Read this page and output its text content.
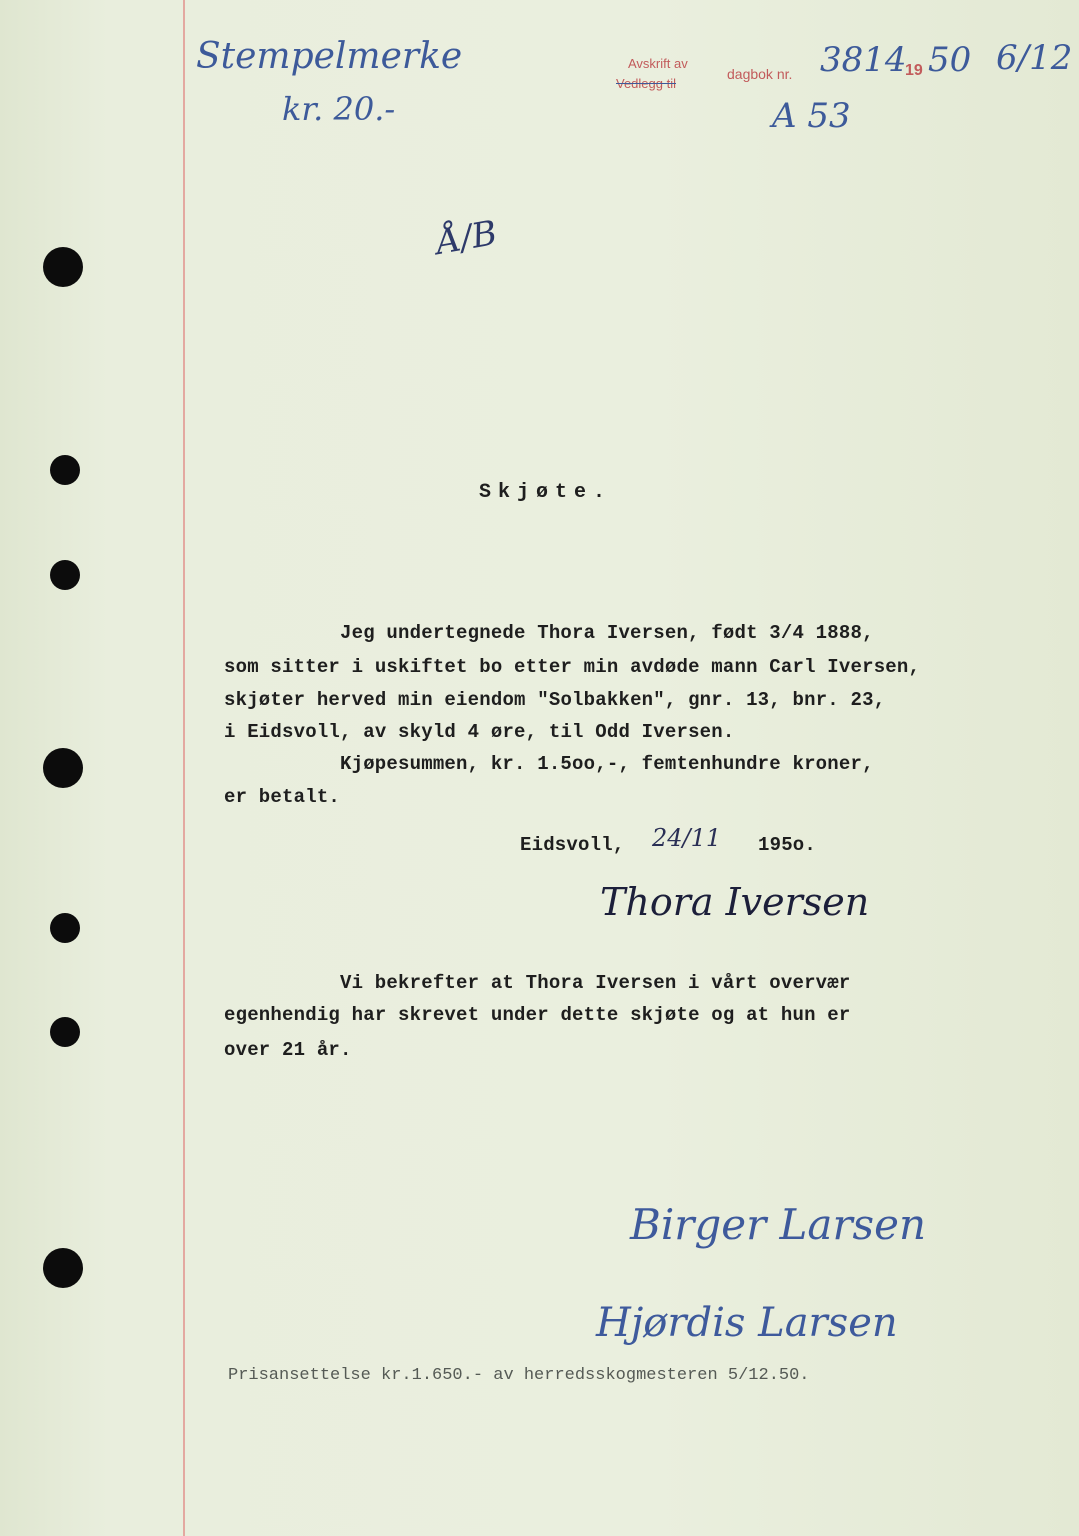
Stempelmerke
kr. 20.-
Avskrift av
Vedlegg til
dagbok nr. 3814
19 50 6/12
A 53
Å/B
Skjøte.
Jeg undertegnede Thora Iversen, født 3/4 1888,
som sitter i uskiftet bo etter min avdøde mann Carl Iversen,
skjøter herved min eiendom "Solbakken", gnr. 13, bnr. 23,
i Eidsvoll, av skyld 4 øre, til Odd Iversen.
Kjøpesummen, kr. 1.5oo,-, femtenhundre kroner,
er betalt.
Eidsvoll, 24/11 195o.
Thora Iversen
Vi bekrefter at Thora Iversen i vårt overvær
egenhendig har skrevet under dette skjøte og at hun er
over 21 år.
Birger Larsen
Hjørdis Larsen
Prisansettelse kr.1.650.- av herredsskogmesteren 5/12.50.
